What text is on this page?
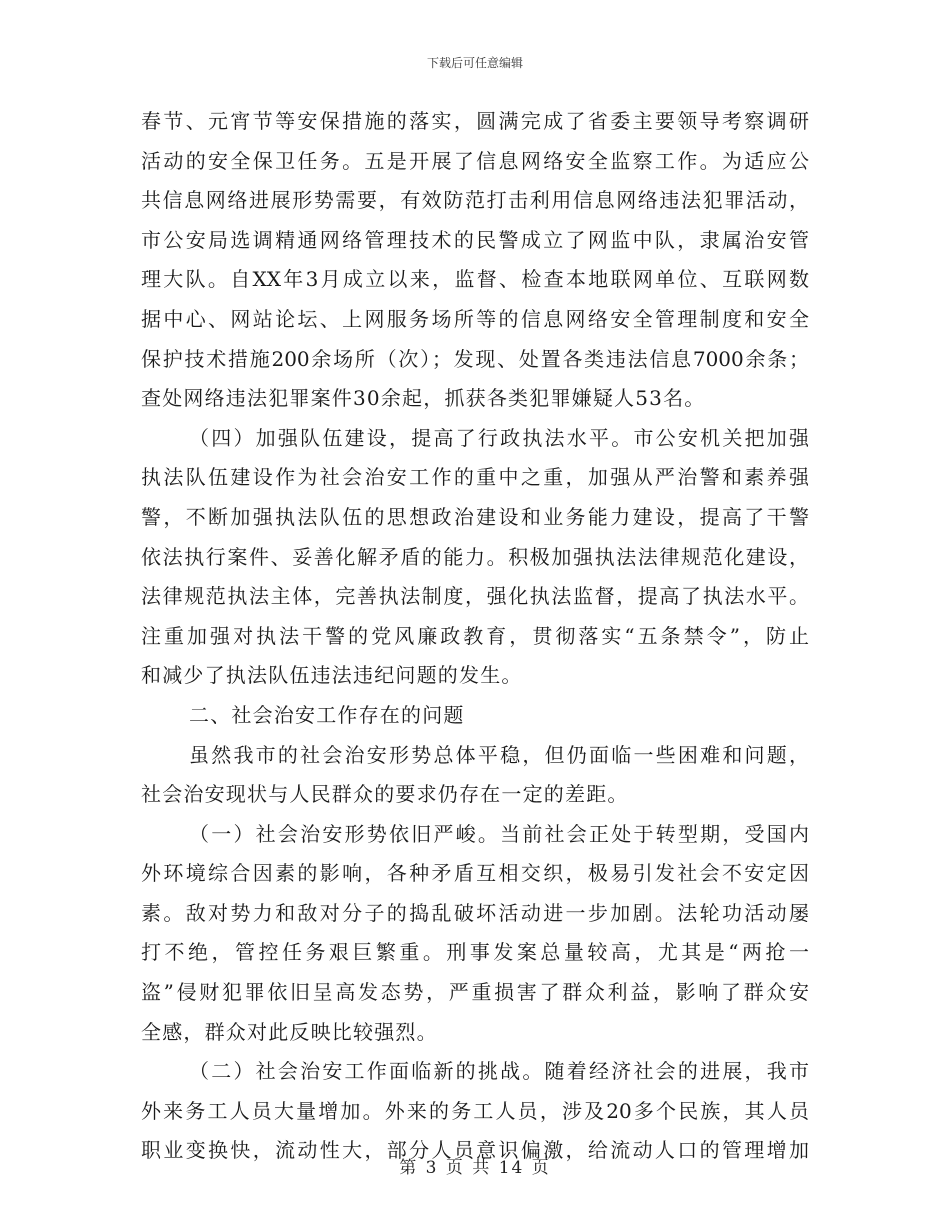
下载后可任意编辑
春节、元宵节等安保措施的落实，圆满完成了省委主要领导考察调研
活动的安全保卫任务。五是开展了信息网络安全监察工作。为适应公
共信息网络进展形势需要，有效防范打击利用信息网络违法犯罪活动，
市公安局选调精通网络管理技术的民警成立了网监中队，隶属治安管
理大队。自XX年3月成立以来，监督、检查本地联网单位、互联网数
据中心、网站论坛、上网服务场所等的信息网络安全管理制度和安全
保护技术措施200余场所（次）；发现、处置各类违法信息7000余条；
查处网络违法犯罪案件30余起，抓获各类犯罪嫌疑人53名。
（四）加强队伍建设，提高了行政执法水平。市公安机关把加强
执法队伍建设作为社会治安工作的重中之重，加强从严治警和素养强
警，不断加强执法队伍的思想政治建设和业务能力建设，提高了干警
依法执行案件、妥善化解矛盾的能力。积极加强执法法律规范化建设，
法律规范执法主体，完善执法制度，强化执法监督，提高了执法水平。
注重加强对执法干警的党风廉政教育，贯彻落实“五条禁令”，防止
和减少了执法队伍违法违纪问题的发生。
二、社会治安工作存在的问题
虽然我市的社会治安形势总体平稳，但仍面临一些困难和问题，
社会治安现状与人民群众的要求仍存在一定的差距。
（一）社会治安形势依旧严峻。当前社会正处于转型期，受国内
外环境综合因素的影响，各种矛盾互相交织，极易引发社会不安定因
素。敌对势力和敌对分子的捣乱破坏活动进一步加剧。法轮功活动屡
打不绝，管控任务艰巨繁重。刑事发案总量较高，尤其是“两抢一
盗”侵财犯罪依旧呈高发态势，严重损害了群众利益，影响了群众安
全感，群众对此反映比较强烈。
（二）社会治安工作面临新的挑战。随着经济社会的进展，我市
外来务工人员大量增加。外来的务工人员，涉及20多个民族，其人员
职业变换快，流动性大，部分人员意识偏激，给流动人口的管理增加
第 3 页 共 14 页
